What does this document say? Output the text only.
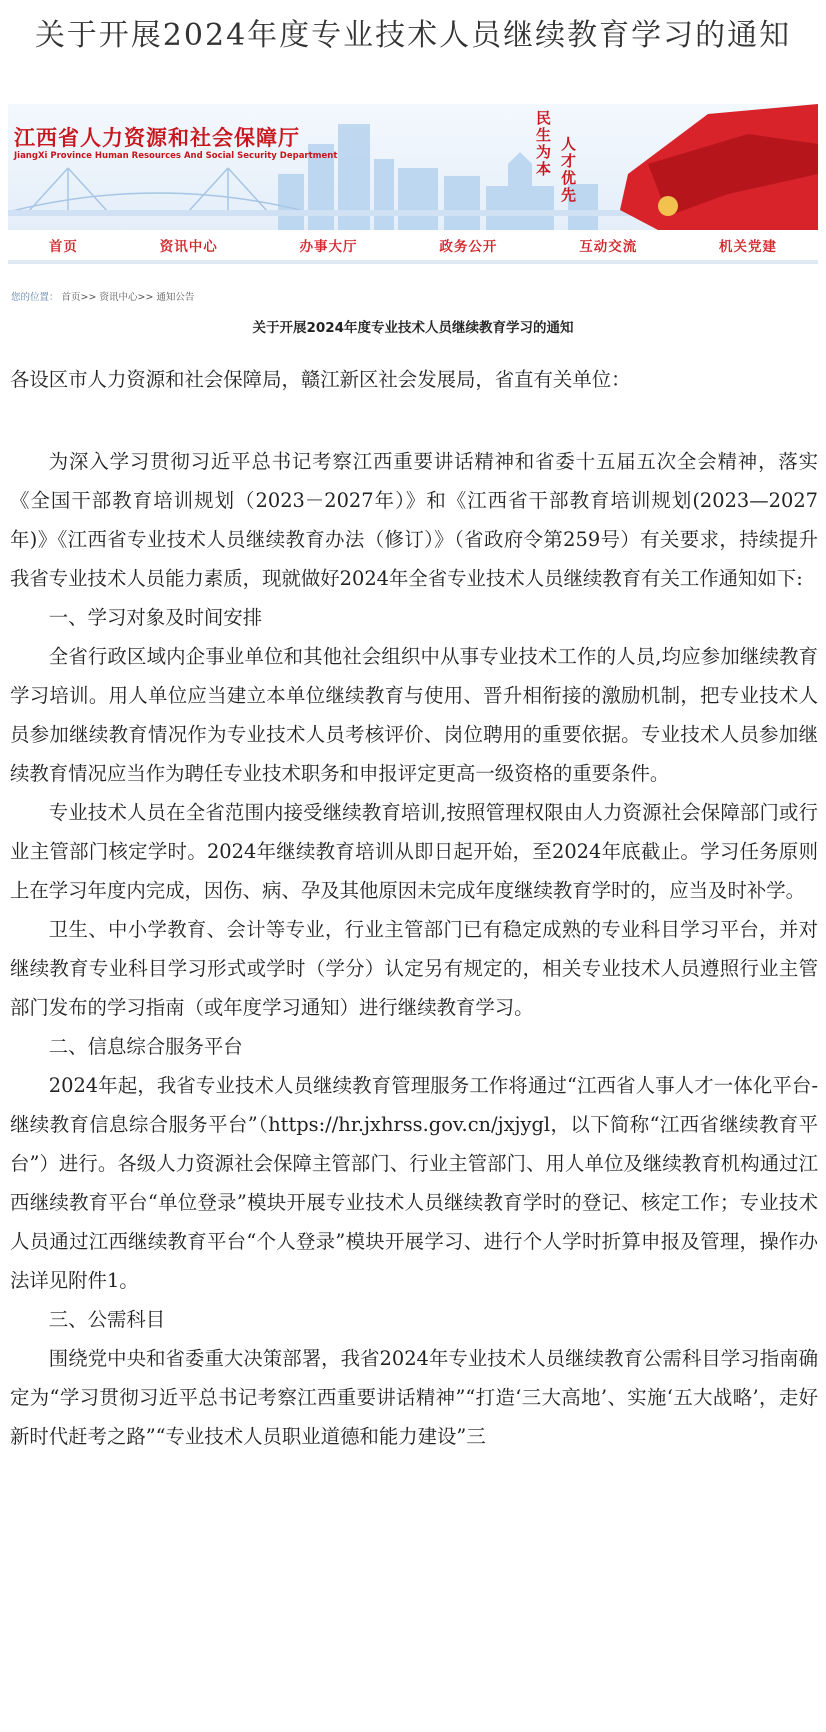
关于开展2024年度专业技术人员继续教育学习的通知
江西省人力资源和社会保障厅
JiangXi Province Human Resources And Social Security Department
民生为本
人才优先
首页	资讯中心	办事大厅	政务公开	互动交流	机关党建
您的位置： 首页>> 资讯中心>> 通知公告
关于开展2024年度专业技术人员继续教育学习的通知

各设区市人力资源和社会保障局，赣江新区社会发展局，省直有关单位：

为深入学习贯彻习近平总书记考察江西重要讲话精神和省委十五届五次全会精神，落实《全国干部教育培训规划（2023－2027年）》和《江西省干部教育培训规划(2023—2027年)》《江西省专业技术人员继续教育办法（修订）》（省政府令第259号）有关要求，持续提升我省专业技术人员能力素质，现就做好2024年全省专业技术人员继续教育有关工作通知如下:

一、学习对象及时间安排

全省行政区域内企事业单位和其他社会组织中从事专业技术工作的人员,均应参加继续教育学习培训。用人单位应当建立本单位继续教育与使用、晋升相衔接的激励机制，把专业技术人员参加继续教育情况作为专业技术人员考核评价、岗位聘用的重要依据。专业技术人员参加继续教育情况应当作为聘任专业技术职务和申报评定更高一级资格的重要条件。

专业技术人员在全省范围内接受继续教育培训,按照管理权限由人力资源社会保障部门或行业主管部门核定学时。2024年继续教育培训从即日起开始，至2024年底截止。学习任务原则上在学习年度内完成，因伤、病、孕及其他原因未完成年度继续教育学时的，应当及时补学。

卫生、中小学教育、会计等专业，行业主管部门已有稳定成熟的专业科目学习平台，并对继续教育专业科目学习形式或学时（学分）认定另有规定的，相关专业技术人员遵照行业主管部门发布的学习指南（或年度学习通知）进行继续教育学习。

二、信息综合服务平台

2024年起，我省专业技术人员继续教育管理服务工作将通过“江西省人事人才一体化平台-继续教育信息综合服务平台”（https://hr.jxhrss.gov.cn/jxjygl，以下简称“江西省继续教育平台”）进行。各级人力资源社会保障主管部门、行业主管部门、用人单位及继续教育机构通过江西继续教育平台“单位登录”模块开展专业技术人员继续教育学时的登记、核定工作；专业技术人员通过江西继续教育平台“个人登录”模块开展学习、进行个人学时折算申报及管理，操作办法详见附件1。

三、公需科目

围绕党中央和省委重大决策部署，我省2024年专业技术人员继续教育公需科目学习指南确定为“学习贯彻习近平总书记考察江西重要讲话精神”“打造‘三大高地’、实施‘五大战略’，走好新时代赶考之路”“专业技术人员职业道德和能力建设”三
